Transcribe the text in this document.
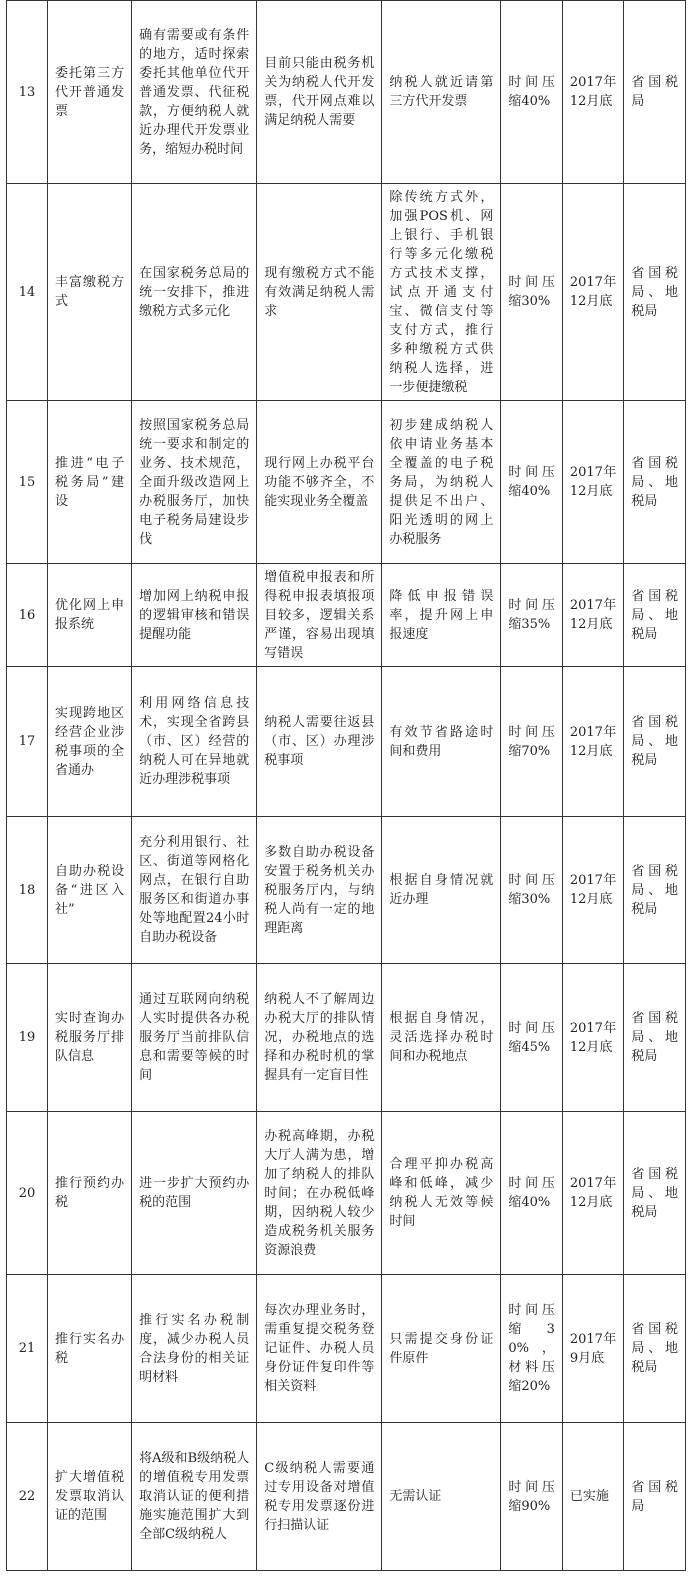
13	委托第三方代开普通发票	确有需要或有条件的地方，适时探索委托其他单位代开普通发票、代征税款，方便纳税人就近办理代开发票业务，缩短办税时间	目前只能由税务机关为纳税人代开发票，代开网点难以满足纳税人需要	纳税人就近请第三方代开发票	时间压缩40%	2017年12月底	省国税局
14	丰富缴税方式	在国家税务总局的统一安排下，推进缴税方式多元化	现有缴税方式不能有效满足纳税人需求	除传统方式外，加强POS机、网上银行、手机银行等多元化缴税方式技术支撑，试点开通支付宝、微信支付等支付方式，推行多种缴税方式供纳税人选择，进一步便捷缴税	时间压缩30%	2017年12月底	省国税局、地税局
15	推进“电子税务局”建设	按照国家税务总局统一要求和制定的业务、技术规范，全面升级改造网上办税服务厅，加快电子税务局建设步伐	现行网上办税平台功能不够齐全，不能实现业务全覆盖	初步建成纳税人依申请业务基本全覆盖的电子税务局，为纳税人提供足不出户、阳光透明的网上办税服务	时间压缩40%	2017年12月底	省国税局、地税局
16	优化网上申报系统	增加网上纳税申报的逻辑审核和错误提醒功能	增值税申报表和所得税申报表填报项目较多，逻辑关系严谨，容易出现填写错误	降低申报错误率，提升网上申报速度	时间压缩35%	2017年12月底	省国税局、地税局
17	实现跨地区经营企业涉税事项的全省通办	利用网络信息技术，实现全省跨县（市、区）经营的纳税人可在异地就近办理涉税事项	纳税人需要往返县（市、区）办理涉税事项	有效节省路途时间和费用	时间压缩70%	2017年12月底	省国税局、地税局
18	自助办税设备“进区入社”	充分利用银行、社区、街道等网格化网点，在银行自助服务区和街道办事处等地配置24小时自助办税设备	多数自助办税设备安置于税务机关办税服务厅内，与纳税人尚有一定的地理距离	根据自身情况就近办理	时间压缩30%	2017年12月底	省国税局、地税局
19	实时查询办税服务厅排队信息	通过互联网向纳税人实时提供各办税服务厅当前排队信息和需要等候的时间	纳税人不了解周边办税大厅的排队情况，办税地点的选择和办税时机的掌握具有一定盲目性	根据自身情况，灵活选择办税时间和办税地点	时间压缩45%	2017年12月底	省国税局、地税局
20	推行预约办税	进一步扩大预约办税的范围	办税高峰期，办税大厅人满为患，增加了纳税人的排队时间；在办税低峰期，因纳税人较少造成税务机关服务资源浪费	合理平抑办税高峰和低峰，减少纳税人无效等候时间	时间压缩40%	2017年12月底	省国税局、地税局
21	推行实名办税	推行实名办税制度，减少办税人员合法身份的相关证明材料	每次办理业务时，需重复提交税务登记证件、办税人员身份证件复印件等相关资料	只需提交身份证件原件	时间压缩30%，材料压缩20%	2017年9月底	省国税局、地税局
22	扩大增值税发票取消认证的范围	将A级和B级纳税人的增值税专用发票取消认证的便利措施实施范围扩大到全部C级纳税人	C级纳税人需要通过专用设备对增值税专用发票逐份进行扫描认证	无需认证	时间压缩90%	已实施	省国税局
